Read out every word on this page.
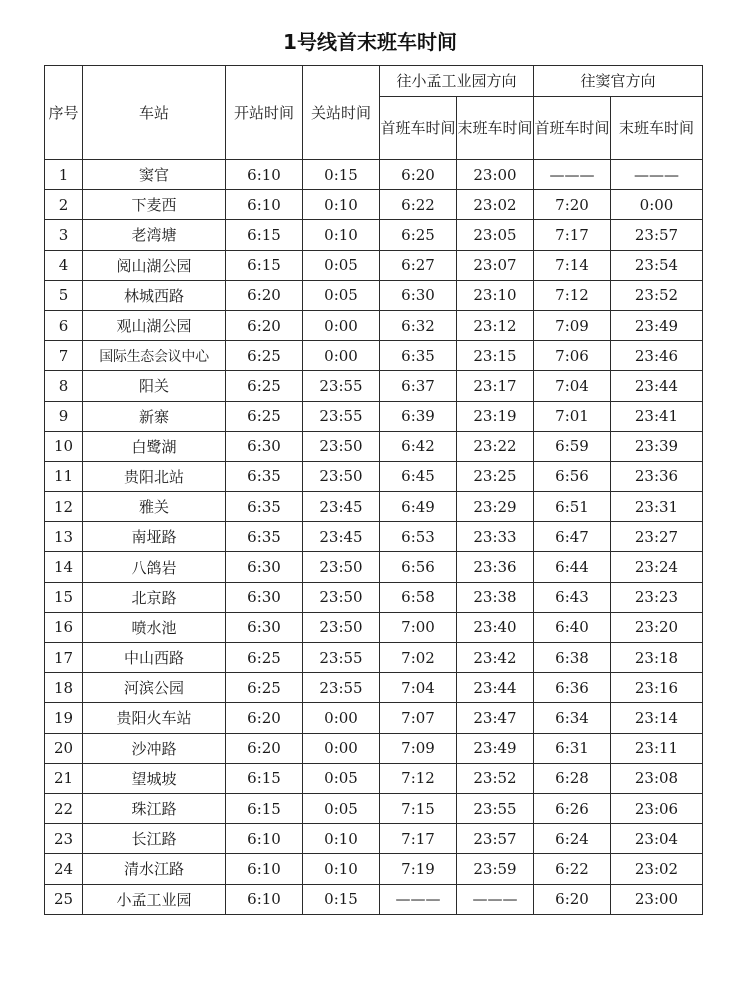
1号线首末班车时间
序号	车站	开站时间	关站时间	往小孟工业园方向		往窦官方向	
				首班车时间	末班车时间	首班车时间	末班车时间
1	窦官	6:10	0:15	6:20	23:00	———	———
2	下麦西	6:10	0:10	6:22	23:02	7:20	0:00
3	老湾塘	6:15	0:10	6:25	23:05	7:17	23:57
4	阅山湖公园	6:15	0:05	6:27	23:07	7:14	23:54
5	林城西路	6:20	0:05	6:30	23:10	7:12	23:52
6	观山湖公园	6:20	0:00	6:32	23:12	7:09	23:49
7	国际生态会议中心	6:25	0:00	6:35	23:15	7:06	23:46
8	阳关	6:25	23:55	6:37	23:17	7:04	23:44
9	新寨	6:25	23:55	6:39	23:19	7:01	23:41
10	白鹭湖	6:30	23:50	6:42	23:22	6:59	23:39
11	贵阳北站	6:35	23:50	6:45	23:25	6:56	23:36
12	雅关	6:35	23:45	6:49	23:29	6:51	23:31
13	南垭路	6:35	23:45	6:53	23:33	6:47	23:27
14	八鸽岩	6:30	23:50	6:56	23:36	6:44	23:24
15	北京路	6:30	23:50	6:58	23:38	6:43	23:23
16	喷水池	6:30	23:50	7:00	23:40	6:40	23:20
17	中山西路	6:25	23:55	7:02	23:42	6:38	23:18
18	河滨公园	6:25	23:55	7:04	23:44	6:36	23:16
19	贵阳火车站	6:20	0:00	7:07	23:47	6:34	23:14
20	沙冲路	6:20	0:00	7:09	23:49	6:31	23:11
21	望城坡	6:15	0:05	7:12	23:52	6:28	23:08
22	珠江路	6:15	0:05	7:15	23:55	6:26	23:06
23	长江路	6:10	0:10	7:17	23:57	6:24	23:04
24	清水江路	6:10	0:10	7:19	23:59	6:22	23:02
25	小孟工业园	6:10	0:15	———	———	6:20	23:00
